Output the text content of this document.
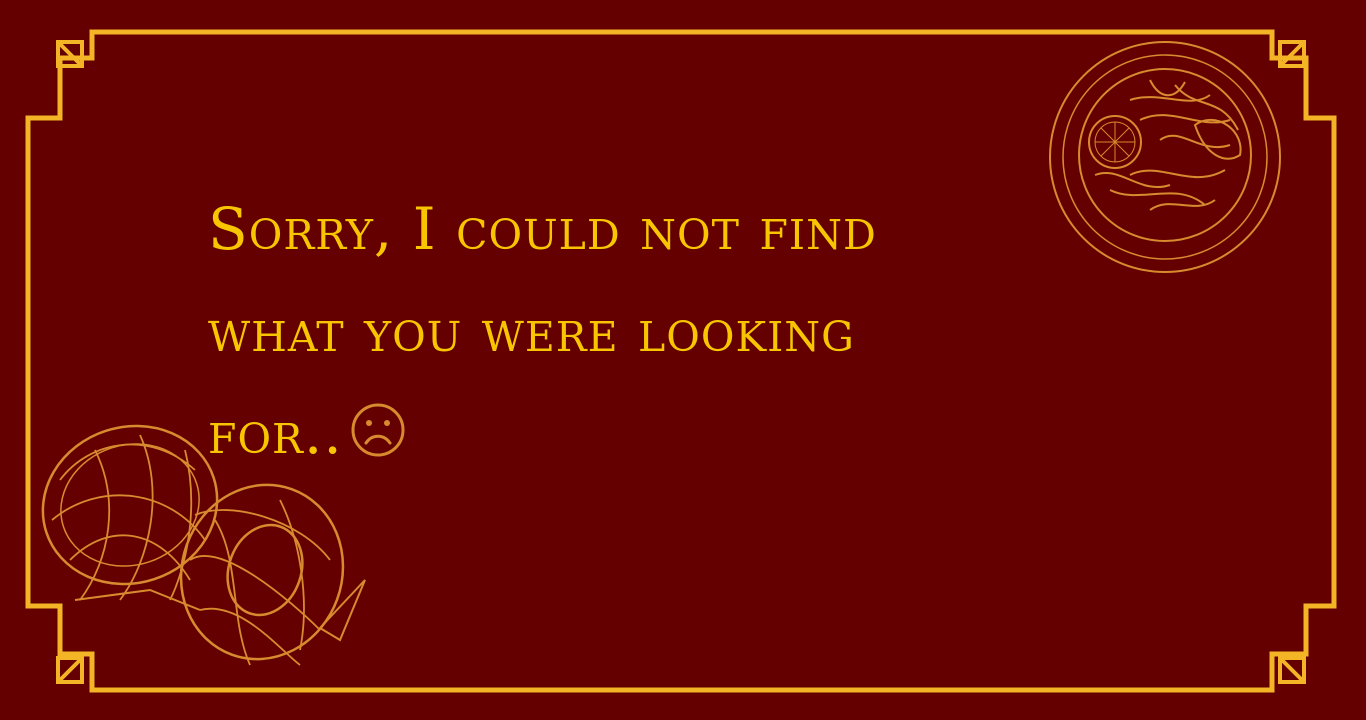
Sorry, I could not find
what you were looking
for..
